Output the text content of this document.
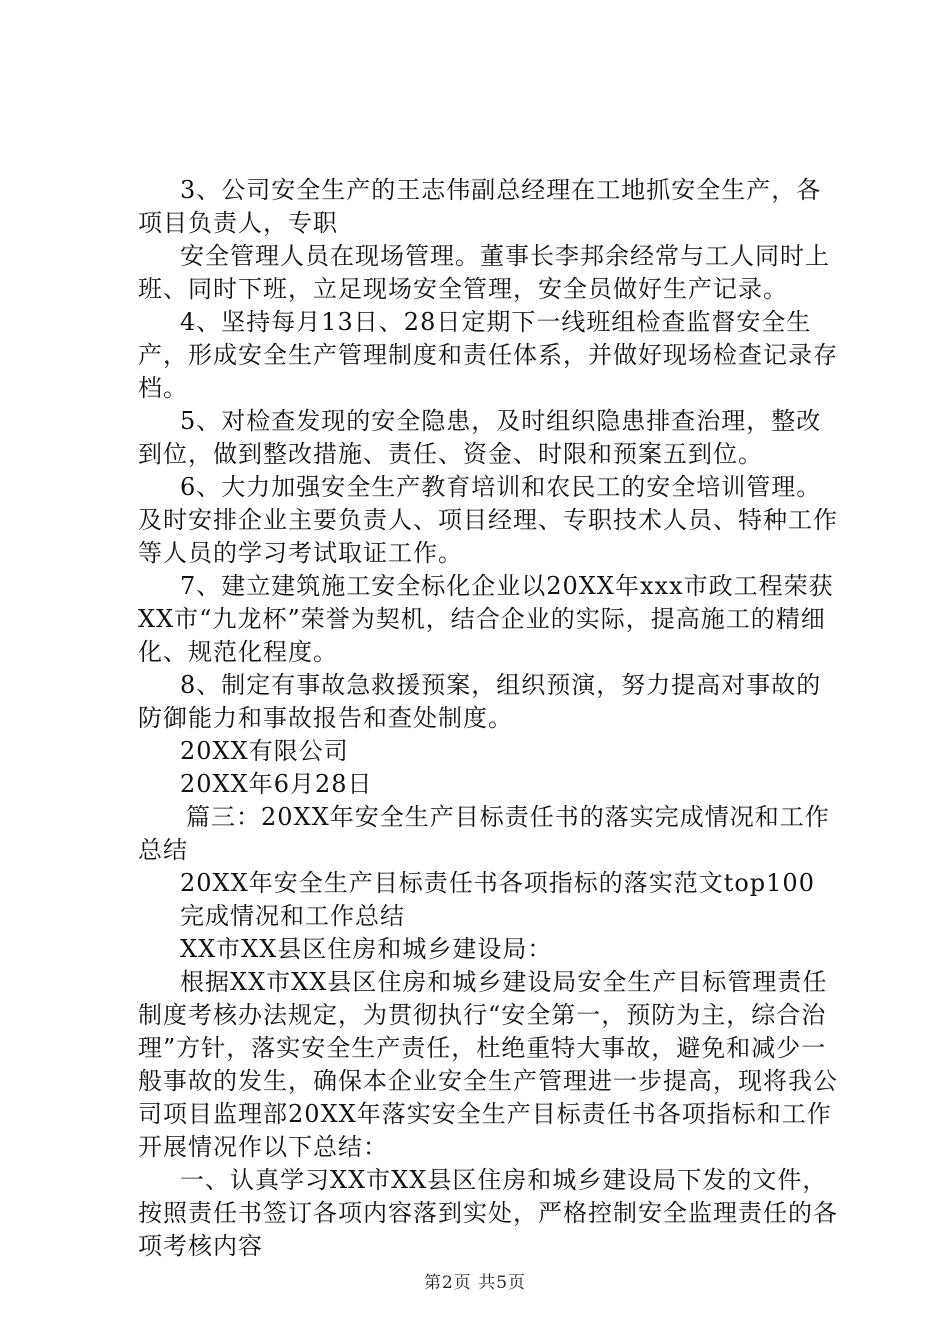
3、公司安全生产的王志伟副总经理在工地抓安全生产，各项目负责人，专职

安全管理人员在现场管理。董事长李邦余经常与工人同时上班、同时下班，立足现场安全管理，安全员做好生产记录。

4、坚持每月13日、28日定期下一线班组检查监督安全生产，形成安全生产管理制度和责任体系，并做好现场检查记录存档。

5、对检查发现的安全隐患，及时组织隐患排查治理，整改到位，做到整改措施、责任、资金、时限和预案五到位。

6、大力加强安全生产教育培训和农民工的安全培训管理。及时安排企业主要负责人、项目经理、专职技术人员、特种工作等人员的学习考试取证工作。

7、建立建筑施工安全标化企业以20XX年xxx市政工程荣获XX市“九龙杯”荣誉为契机，结合企业的实际，提高施工的精细化、规范化程度。

8、制定有事故急救援预案，组织预演，努力提高对事故的防御能力和事故报告和查处制度。

20XX有限公司

20XX年6月28日

篇三：20XX年安全生产目标责任书的落实完成情况和工作总结

20XX年安全生产目标责任书各项指标的落实范文top100

完成情况和工作总结

XX市XX县区住房和城乡建设局：

根据XX市XX县区住房和城乡建设局安全生产目标管理责任制度考核办法规定，为贯彻执行“安全第一，预防为主，综合治理”方针，落实安全生产责任，杜绝重特大事故，避免和减少一般事故的发生，确保本企业安全生产管理进一步提高，现将我公司项目监理部20XX年落实安全生产目标责任书各项指标和工作开展情况作以下总结：

一、认真学习XX市XX县区住房和城乡建设局下发的文件，按照责任书签订各项内容落到实处，严格控制安全监理责任的各项考核内容

第2页 共5页
